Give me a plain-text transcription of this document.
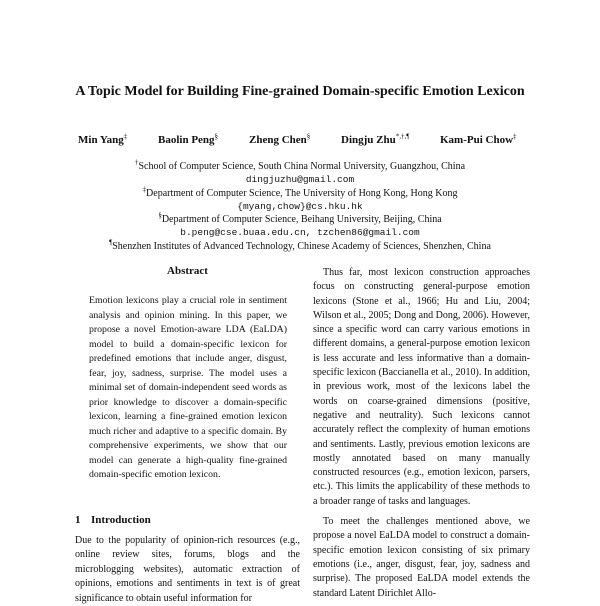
A Topic Model for Building Fine-grained Domain-specific Emotion Lexicon
Min Yang‡	Baolin Peng§	Zheng Chen§	Dingju Zhu*,†,¶	Kam-Pui Chow‡
†School of Computer Science, South China Normal University, Guangzhou, China
dingjuzhu@gmail.com
‡Department of Computer Science, The University of Hong Kong, Hong Kong
{myang,chow}@cs.hku.hk
§Department of Computer Science, Beihang University, Beijing, China
b.peng@cse.buaa.edu.cn, tzchen86@gmail.com
¶Shenzhen Institutes of Advanced Technology, Chinese Academy of Sciences, Shenzhen, China
Abstract
Emotion lexicons play a crucial role in sentiment analysis and opinion mining. In this paper, we propose a novel Emotion-aware LDA (EaLDA) model to build a domain-specific lexicon for predefined emotions that include anger, disgust, fear, joy, sadness, surprise. The model uses a minimal set of domain-independent seed words as prior knowledge to discover a domain-specific lexicon, learning a fine-grained emotion lexicon much richer and adaptive to a specific domain. By comprehensive experiments, we show that our model can generate a high-quality fine-grained domain-specific emotion lexicon.
1 Introduction
Due to the popularity of opinion-rich resources (e.g., online review sites, forums, blogs and the microblogging websites), automatic extraction of opinions, emotions and sentiments in text is of great significance to obtain useful information for

Thus far, most lexicon construction approaches focus on constructing general-purpose emotion lexicons (Stone et al., 1966; Hu and Liu, 2004; Wilson et al., 2005; Dong and Dong, 2006). However, since a specific word can carry various emotions in different domains, a general-purpose emotion lexicon is less accurate and less informative than a domain-specific lexicon (Baccianella et al., 2010). In addition, in previous work, most of the lexicons label the words on coarse-grained dimensions (positive, negative and neutrality). Such lexicons cannot accurately reflect the complexity of human emotions and sentiments. Lastly, previous emotion lexicons are mostly annotated based on many manually constructed resources (e.g., emotion lexicon, parsers, etc.). This limits the applicability of these methods to a broader range of tasks and languages.

To meet the challenges mentioned above, we propose a novel EaLDA model to construct a domain-specific emotion lexicon consisting of six primary emotions (i.e., anger, disgust, fear, joy, sadness and surprise). The proposed EaLDA model extends the standard Latent Dirichlet Allo-
